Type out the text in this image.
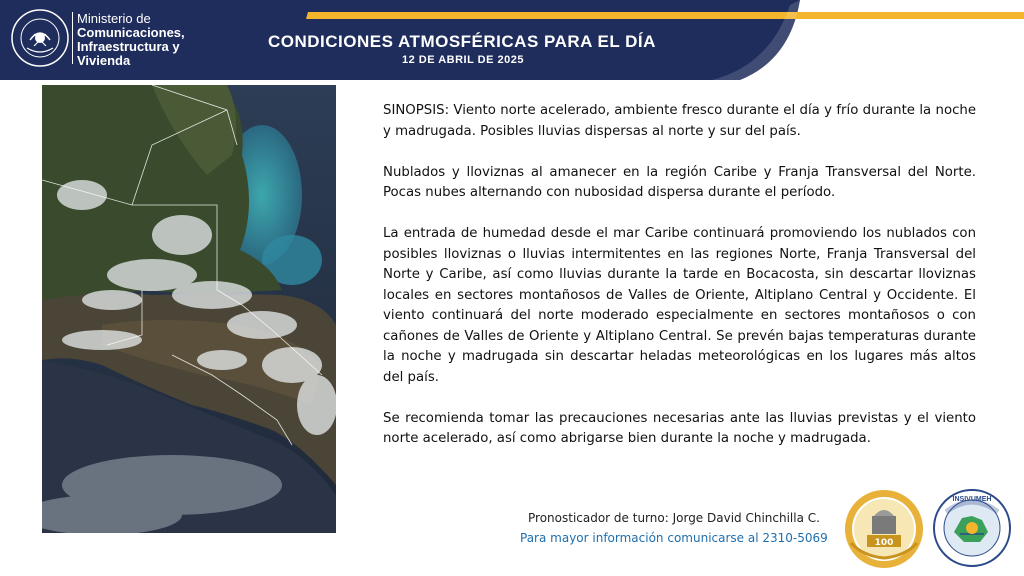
Ministerio de
Comunicaciones,
Infraestructura y
Vivienda
CONDICIONES ATMOSFÉRICAS PARA EL DÍA
12 DE ABRIL DE 2025

SINOPSIS: Viento norte acelerado, ambiente fresco durante el día y frío durante la noche y madrugada. Posibles lluvias dispersas al norte y sur del país.

Nublados y lloviznas al amanecer en la región Caribe y Franja Transversal del Norte. Pocas nubes alternando con nubosidad dispersa durante el período.

La entrada de humedad desde el mar Caribe continuará promoviendo los nublados con posibles lloviznas o lluvias intermitentes en las regiones Norte, Franja Transversal del Norte y Caribe, así como lluvias durante la tarde en Bocacosta, sin descartar lloviznas locales en sectores montañosos de Valles de Oriente, Altiplano Central y Occidente. El viento continuará del norte moderado especialmente en sectores montañosos o con cañones de Valles de Oriente y Altiplano Central. Se prevén bajas temperaturas durante la noche y madrugada sin descartar heladas meteorológicas en los lugares más altos del país.

Se recomienda tomar las precauciones necesarias ante las lluvias previstas y el viento norte acelerado, así como abrigarse bien durante la noche y madrugada.

Pronosticador de turno: Jorge David Chinchilla C.
Para mayor información comunicarse al 2310-5069	100
INSIVUMEH
